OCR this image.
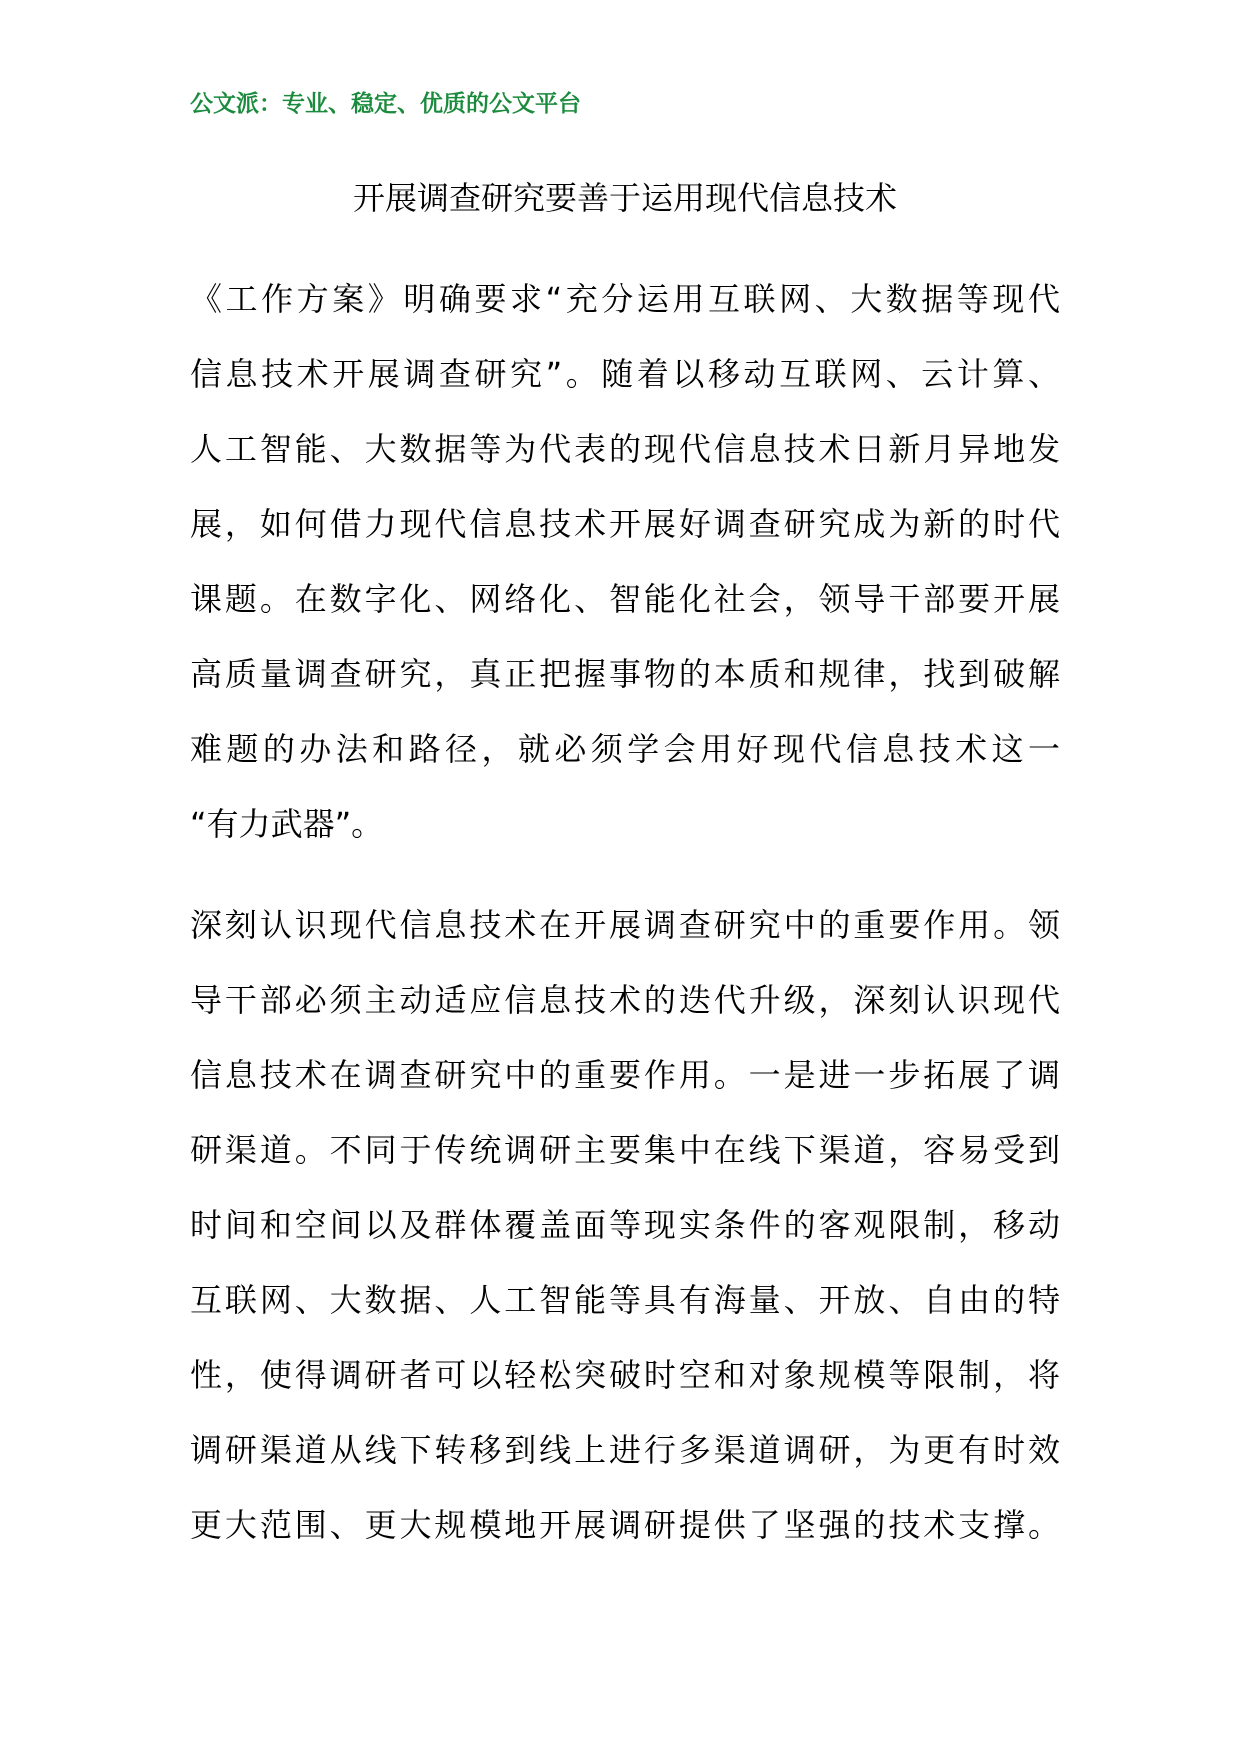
公文派：专业、稳定、优质的公文平台
开展调查研究要善于运用现代信息技术
《工作方案》明确要求“充分运用互联网、大数据等现代
信息技术开展调查研究”。随着以移动互联网、云计算、
人工智能、大数据等为代表的现代信息技术日新月异地发
展，如何借力现代信息技术开展好调查研究成为新的时代
课题。在数字化、网络化、智能化社会，领导干部要开展
高质量调查研究，真正把握事物的本质和规律，找到破解
难题的办法和路径，就必须学会用好现代信息技术这一
“有力武器”。
深刻认识现代信息技术在开展调查研究中的重要作用。领
导干部必须主动适应信息技术的迭代升级，深刻认识现代
信息技术在调查研究中的重要作用。一是进一步拓展了调
研渠道。不同于传统调研主要集中在线下渠道，容易受到
时间和空间以及群体覆盖面等现实条件的客观限制，移动
互联网、大数据、人工智能等具有海量、开放、自由的特
性，使得调研者可以轻松突破时空和对象规模等限制，将
调研渠道从线下转移到线上进行多渠道调研，为更有时效
更大范围、更大规模地开展调研提供了坚强的技术支撑。
